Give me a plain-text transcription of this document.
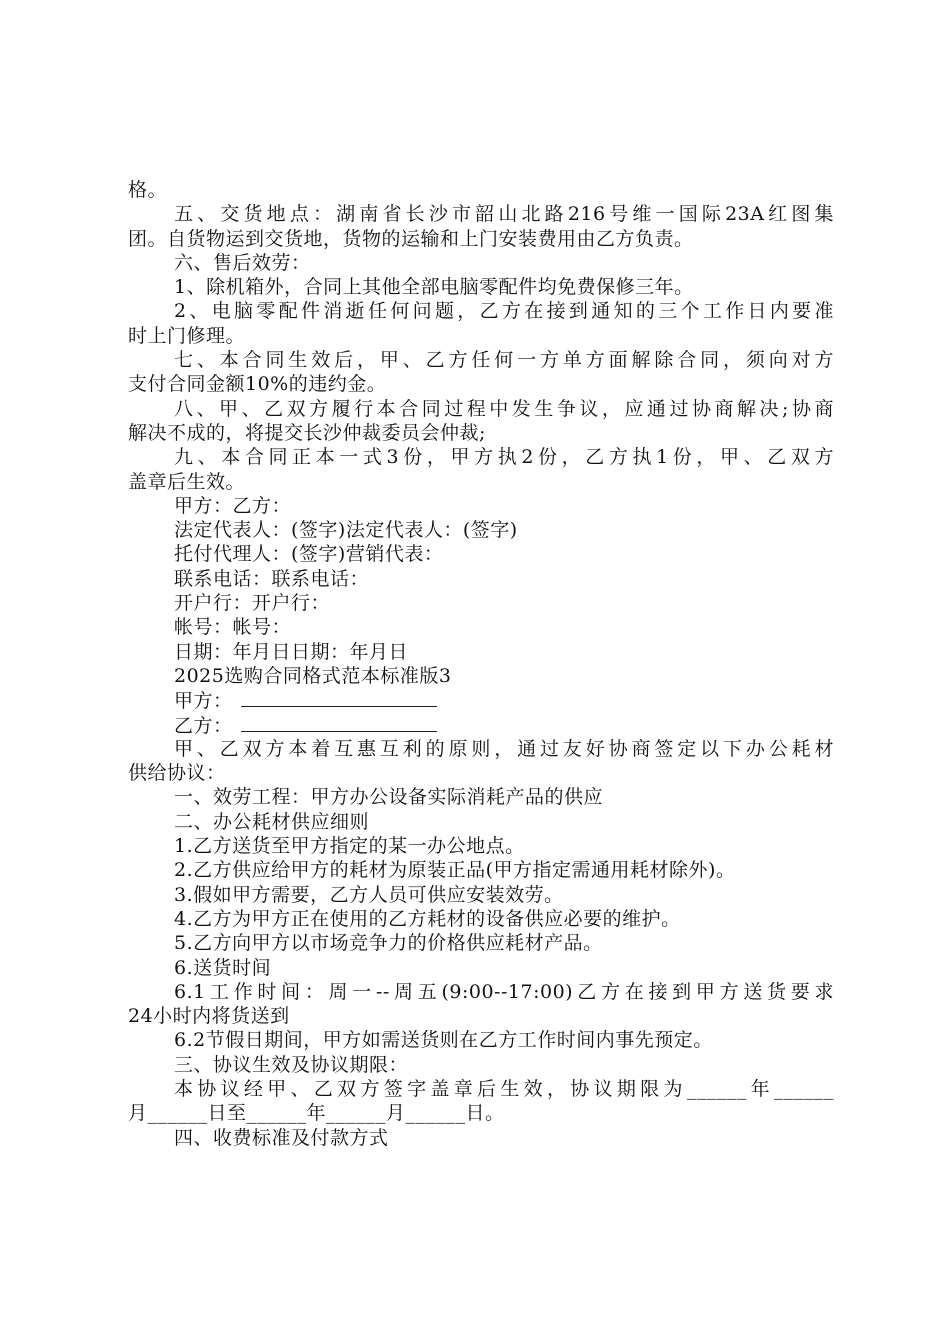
格。
五、交货地点：湖南省长沙市韶山北路216号维一国际23A红图集
团。自货物运到交货地，货物的运输和上门安装费用由乙方负责。
六、售后效劳：
1、除机箱外，合同上其他全部电脑零配件均免费保修三年。
2、电脑零配件消逝任何问题，乙方在接到通知的三个工作日内要准
时上门修理。
七、本合同生效后，甲、乙方任何一方单方面解除合同，须向对方
支付合同金额10%的违约金。
八、甲、乙双方履行本合同过程中发生争议，应通过协商解决;协商
解决不成的，将提交长沙仲裁委员会仲裁;
九、本合同正本一式3份，甲方执2份，乙方执1份，甲、乙双方
盖章后生效。
甲方：乙方：
法定代表人：(签字)法定代表人：(签字)
托付代理人：(签字)营销代表：
联系电话：联系电话：
开户行：开户行：
帐号：帐号：
日期：年月日日期：年月日
2025选购合同格式范本标准版3
甲方：
乙方：
甲、乙双方本着互惠互利的原则，通过友好协商签定以下办公耗材
供给协议：
一、效劳工程：甲方办公设备实际消耗产品的供应
二、办公耗材供应细则
1.乙方送货至甲方指定的某一办公地点。
2.乙方供应给甲方的耗材为原装正品(甲方指定需通用耗材除外)。
3.假如甲方需要，乙方人员可供应安装效劳。
4.乙方为甲方正在使用的乙方耗材的设备供应必要的维护。
5.乙方向甲方以市场竞争力的价格供应耗材产品。
6.送货时间
6.1工作时间：周一--周五(9:00--17:00)乙方在接到甲方送货要求
24小时内将货送到
6.2节假日期间，甲方如需送货则在乙方工作时间内事先预定。
三、协议生效及协议期限：
本协议经甲、乙双方签字盖章后生效，协议期限为______年______
月______日至______年______月______日。
四、收费标准及付款方式
